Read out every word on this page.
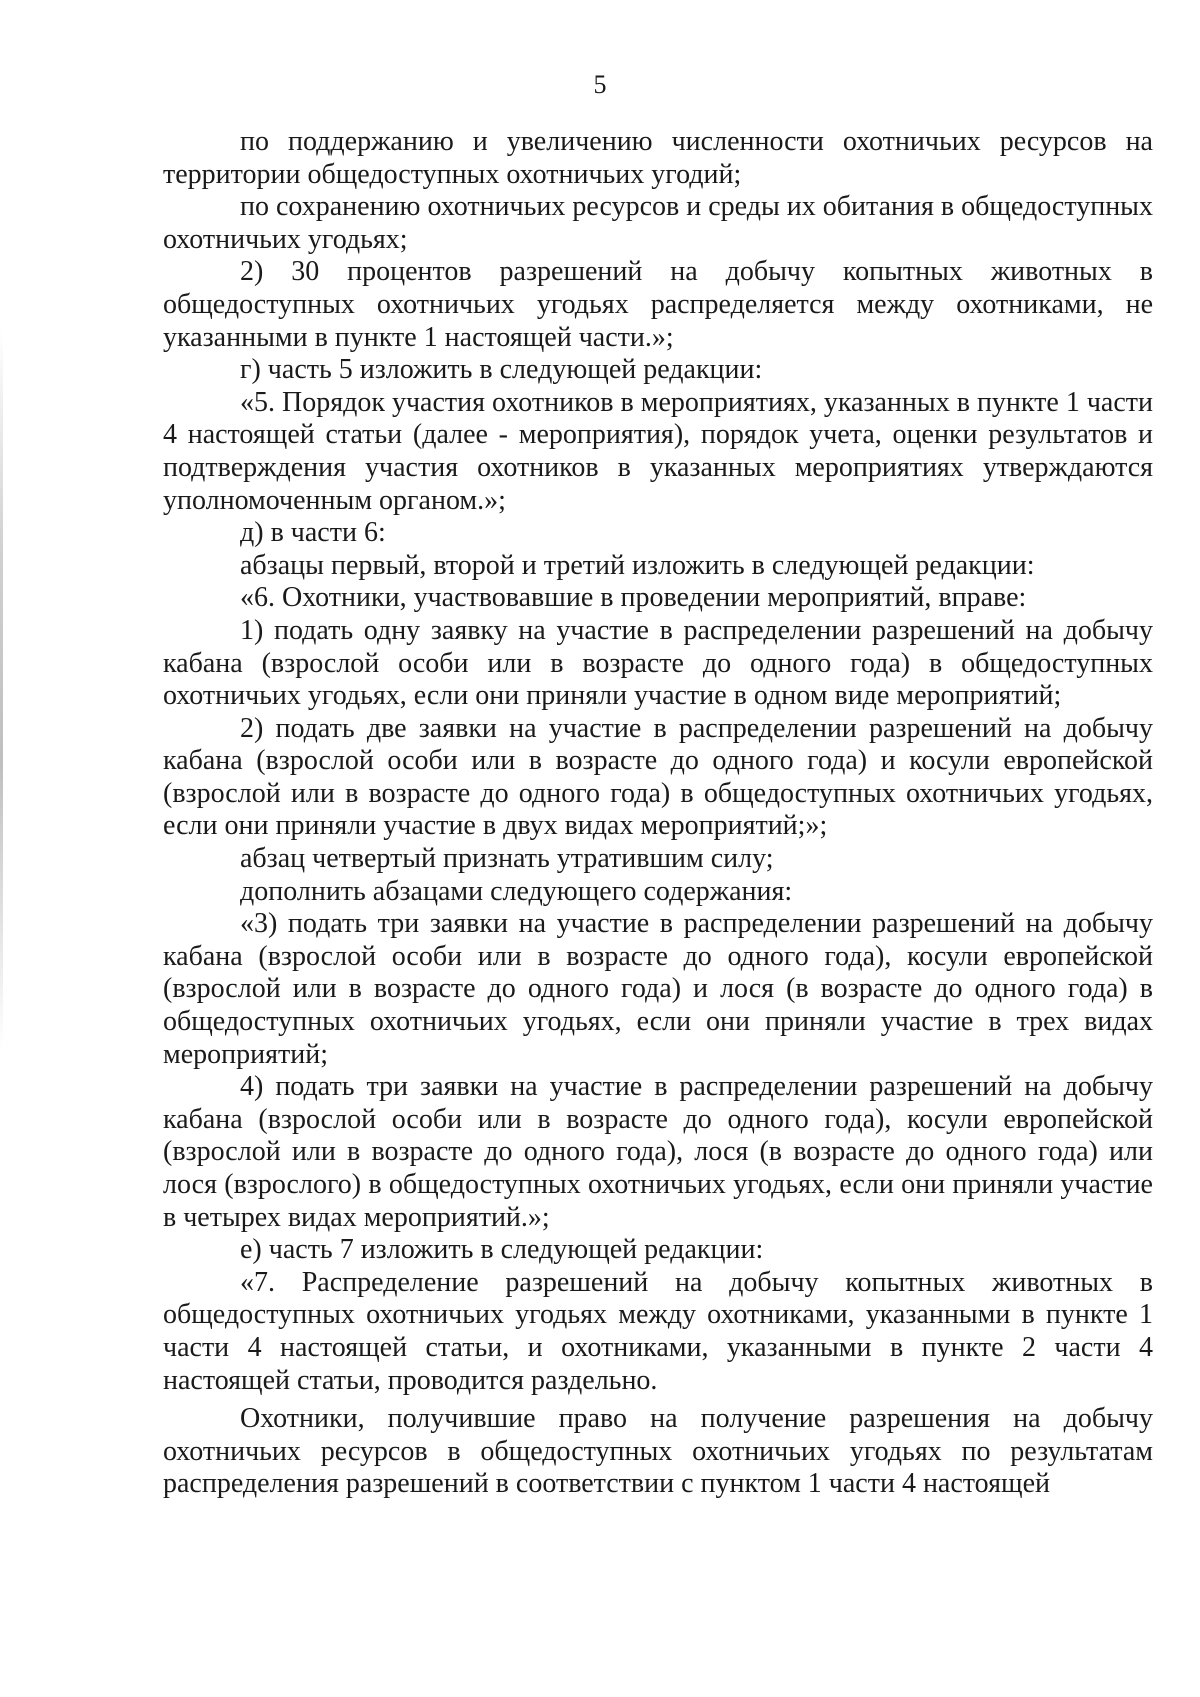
5

по поддержанию и увеличению численности охотничьих ресурсов на территории общедоступных охотничьих угодий;

по сохранению охотничьих ресурсов и среды их обитания в общедоступных охотничьих угодьях;

2) 30 процентов разрешений на добычу копытных животных в общедоступных охотничьих угодьях распределяется между охотниками, не указанными в пункте 1 настоящей части.»;

г) часть 5 изложить в следующей редакции:

«5. Порядок участия охотников в мероприятиях, указанных в пункте 1 части 4 настоящей статьи (далее - мероприятия), порядок учета, оценки результатов и подтверждения участия охотников в указанных мероприятиях утверждаются уполномоченным органом.»;

д) в части 6:

абзацы первый, второй и третий изложить в следующей редакции:

«6. Охотники, участвовавшие в проведении мероприятий, вправе:

1) подать одну заявку на участие в распределении разрешений на добычу кабана (взрослой особи или в возрасте до одного года) в общедоступных охотничьих угодьях, если они приняли участие в одном виде мероприятий;

2) подать две заявки на участие в распределении разрешений на добычу кабана (взрослой особи или в возрасте до одного года) и косули европейской (взрослой или в возрасте до одного года) в общедоступных охотничьих угодьях, если они приняли участие в двух видах мероприятий;»;

абзац четвертый признать утратившим силу;

дополнить абзацами следующего содержания:

«3) подать три заявки на участие в распределении разрешений на добычу кабана (взрослой особи или в возрасте до одного года), косули европейской (взрослой или в возрасте до одного года) и лося (в возрасте до одного года) в общедоступных охотничьих угодьях, если они приняли участие в трех видах мероприятий;

4) подать три заявки на участие в распределении разрешений на добычу кабана (взрослой особи или в возрасте до одного года), косули европейской (взрослой или в возрасте до одного года), лося (в возрасте до одного года) или лося (взрослого) в общедоступных охотничьих угодьях, если они приняли участие в четырех видах мероприятий.»;

е) часть 7 изложить в следующей редакции:

«7. Распределение разрешений на добычу копытных животных в общедоступных охотничьих угодьях между охотниками, указанными в пункте 1 части 4 настоящей статьи, и охотниками, указанными в пункте 2 части 4 настоящей статьи, проводится раздельно.

Охотники, получившие право на получение разрешения на добычу охотничьих ресурсов в общедоступных охотничьих угодьях по результатам распределения разрешений в соответствии с пунктом 1 части 4 настоящей
